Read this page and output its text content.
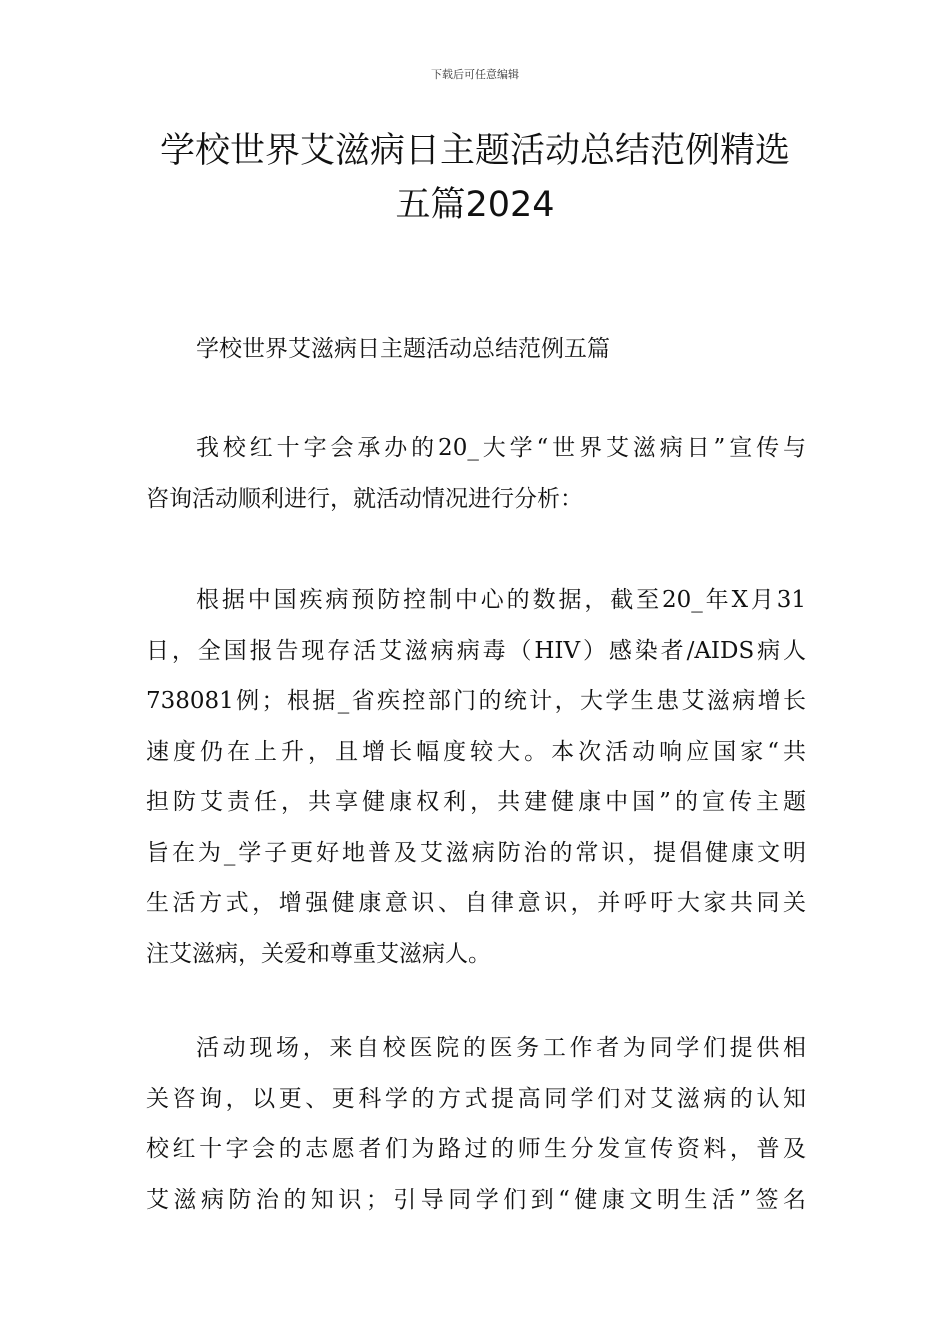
下载后可任意编辑
学校世界艾滋病日主题活动总结范例精选
五篇2024
学校世界艾滋病日主题活动总结范例五篇
我校红十字会承办的20_大学“世界艾滋病日”宣传与
咨询活动顺利进行，就活动情况进行分析：
根据中国疾病预防控制中心的数据，截至20_年X月31
日，全国报告现存活艾滋病病毒（HIV）感染者/AIDS病人
738081例；根据_省疾控部门的统计，大学生患艾滋病增长
速度仍在上升，且增长幅度较大。本次活动响应国家“共
担防艾责任，共享健康权利，共建健康中国”的宣传主题
旨在为_学子更好地普及艾滋病防治的常识，提倡健康文明
生活方式，增强健康意识、自律意识，并呼吁大家共同关
注艾滋病，关爱和尊重艾滋病人。
活动现场，来自校医院的医务工作者为同学们提供相
关咨询，以更、更科学的方式提高同学们对艾滋病的认知
校红十字会的志愿者们为路过的师生分发宣传资料，普及
艾滋病防治的知识；引导同学们到“健康文明生活”签名
